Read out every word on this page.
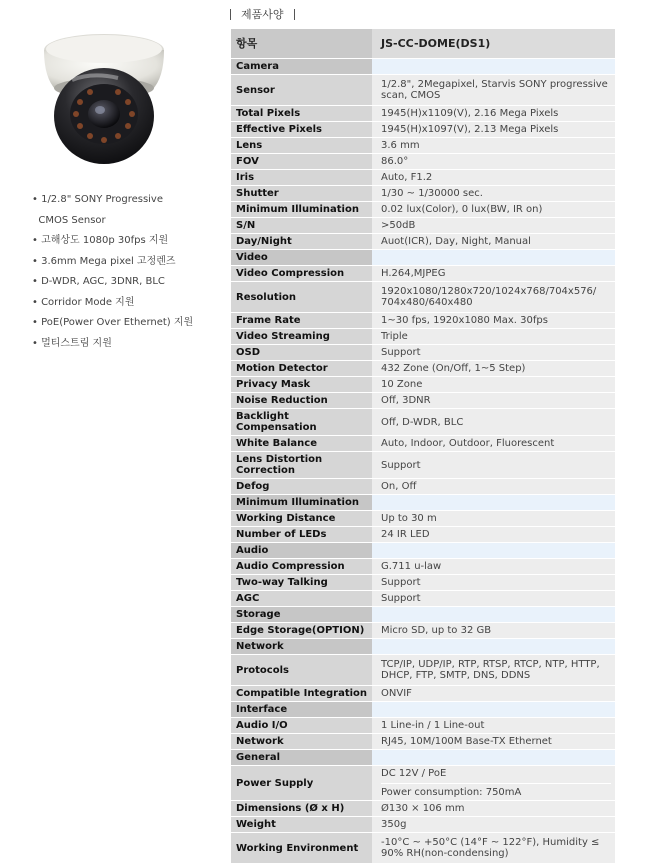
제품사양
• 1/2.8" SONY Progressive
CMOS Sensor
• 고해상도 1080p 30fps 지원
• 3.6mm Mega pixel 고정렌즈
• D-WDR, AGC, 3DNR, BLC
• Corridor Mode 지원
• PoE(Power Over Ethernet) 지원
• 멀티스트림 지원
항목	JS-CC-DOME(DS1)
Camera	
Sensor	1/2.8", 2Megapixel, Starvis SONY progressive scan, CMOS
Total Pixels	1945(H)x1109(V), 2.16 Mega Pixels
Effective Pixels	1945(H)x1097(V), 2.13 Mega Pixels
Lens	3.6 mm
FOV	86.0°
Iris	Auto, F1.2
Shutter	1/30 ~ 1/30000 sec.
Minimum Illumination	0.02 lux(Color), 0 lux(BW, IR on)
S/N	>50dB
Day/Night	Auot(ICR), Day, Night, Manual
Video	
Video Compression	H.264,MJPEG
Resolution	1920x1080/1280x720/1024x768/704x576/ 704x480/640x480
Frame Rate	1~30 fps, 1920x1080 Max. 30fps
Video Streaming	Triple
OSD	Support
Motion Detector	432 Zone (On/Off, 1~5 Step)
Privacy Mask	10 Zone
Noise Reduction	Off, 3DNR
Backlight Compensation	Off, D-WDR, BLC
White Balance	Auto, Indoor, Outdoor, Fluorescent
Lens Distortion Correction	Support
Defog	On, Off
Minimum Illumination	
Working Distance	Up to 30 m
Number of LEDs	24 IR LED
Audio	
Audio Compression	G.711 u-law
Two-way Talking	Support
AGC	Support
Storage	
Edge Storage(OPTION)	Micro SD, up to 32 GB
Network	
Protocols	TCP/IP, UDP/IP, RTP, RTSP, RTCP, NTP, HTTP, DHCP, FTP, SMTP, DNS, DDNS
Compatible Integration	ONVIF
Interface	
Audio I/O	1 Line-in / 1 Line-out
Network	RJ45, 10M/100M Base-TX Ethernet
General	
Power Supply	DC 12V / PoE
Power consumption: 750mA

Dimensions (Ø x H)	Ø130 × 106 mm
Weight	350g
Working Environment	-10°C ~ +50°C (14°F ~ 122°F), Humidity ≤ 90% RH(non-condensing)
